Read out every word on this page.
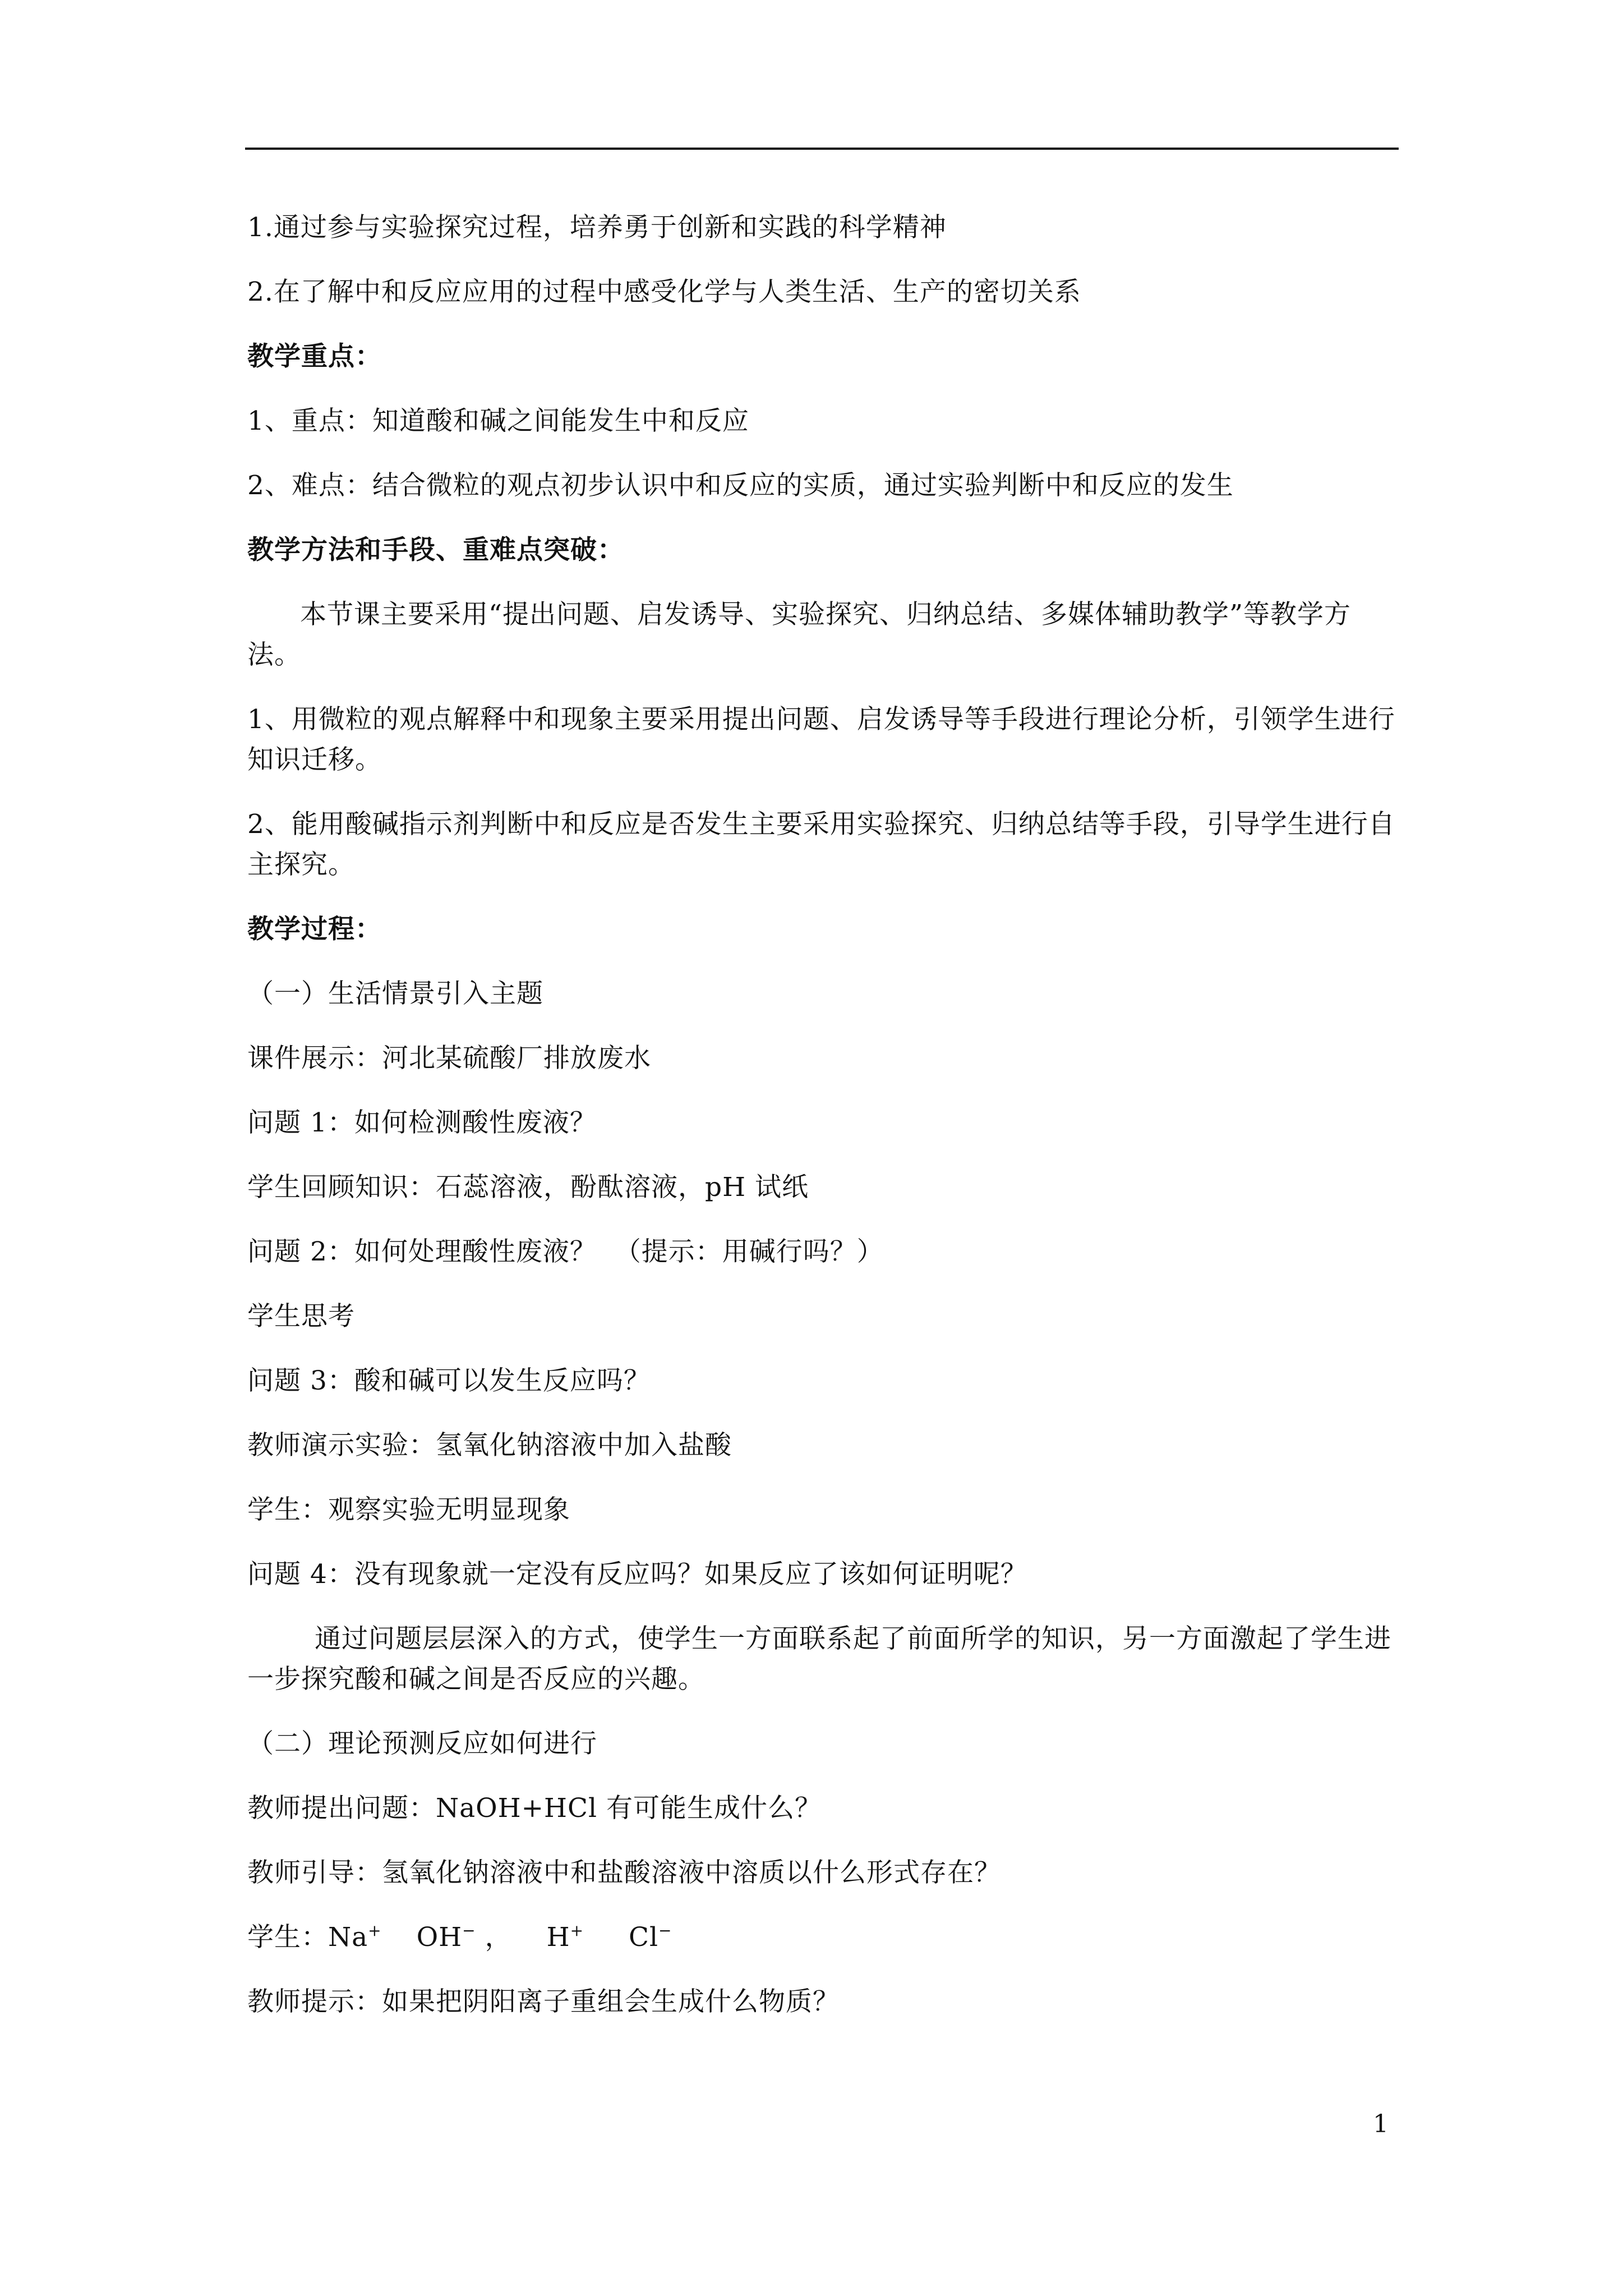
1.通过参与实验探究过程，培养勇于创新和实践的科学精神
2.在了解中和反应应用的过程中感受化学与人类生活、生产的密切关系
教学重点：
1、重点：知道酸和碱之间能发生中和反应
2、难点：结合微粒的观点初步认识中和反应的实质，通过实验判断中和反应的发生
教学方法和手段、重难点突破：
本节课主要采用“提出问题、启发诱导、实验探究、归纳总结、多媒体辅助教学”等教学方法。
1、用微粒的观点解释中和现象主要采用提出问题、启发诱导等手段进行理论分析，引领学生进行知识迁移。
2、能用酸碱指示剂判断中和反应是否发生主要采用实验探究、归纳总结等手段，引导学生进行自主探究。
教学过程：
（一）生活情景引入主题
课件展示：河北某硫酸厂排放废水
问题 1：如何检测酸性废液？
学生回顾知识：石蕊溶液，酚酞溶液，pH 试纸
问题 2：如何处理酸性废液？  （提示：用碱行吗？）
学生思考
问题 3：酸和碱可以发生反应吗？
教师演示实验：氢氧化钠溶液中加入盐酸
学生：观察实验无明显现象
问题 4：没有现象就一定没有反应吗？如果反应了该如何证明呢？
通过问题层层深入的方式，使学生一方面联系起了前面所学的知识，另一方面激起了学生进一步探究酸和碱之间是否反应的兴趣。
（二）理论预测反应如何进行
教师提出问题：NaOH+HCl 有可能生成什么？
教师引导：氢氧化钠溶液中和盐酸溶液中溶质以什么形式存在？
学生：Na+ OH− ， H+ Cl−
教师提示：如果把阴阳离子重组会生成什么物质？
1
